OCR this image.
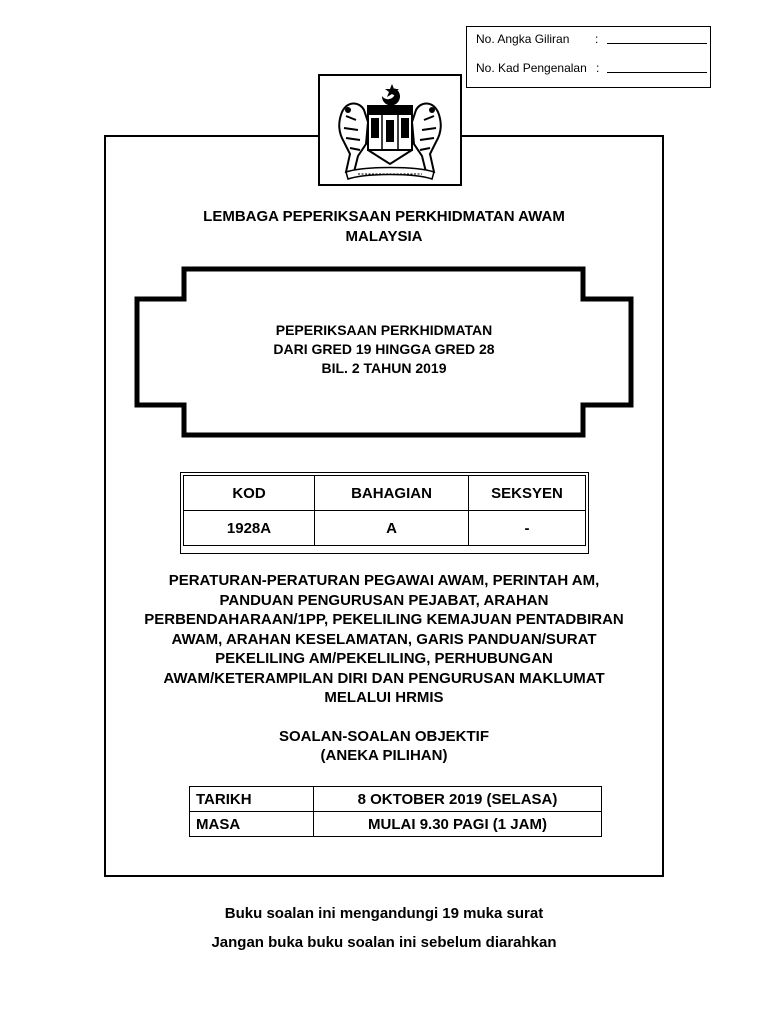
No. Angka Giliran :
No. Kad Pengenalan :
LEMBAGA PEPERIKSAAN PERKHIDMATAN AWAM
MALAYSIA
PEPERIKSAAN PERKHIDMATAN
DARI GRED 19 HINGGA GRED 28
BIL. 2 TAHUN 2019
KOD	BAHAGIAN	SEKSYEN
1928A	A	-
PERATURAN-PERATURAN PEGAWAI AWAM, PERINTAH AM,
PANDUAN PENGURUSAN PEJABAT, ARAHAN
PERBENDAHARAAN/1PP, PEKELILING KEMAJUAN PENTADBIRAN
AWAM, ARAHAN KESELAMATAN, GARIS PANDUAN/SURAT
PEKELILING AM/PEKELILING, PERHUBUNGAN
AWAM/KETERAMPILAN DIRI DAN PENGURUSAN MAKLUMAT
MELALUI HRMIS
SOALAN-SOALAN OBJEKTIF
(ANEKA PILIHAN)
TARIKH	8 OKTOBER 2019 (SELASA)
MASA	MULAI 9.30 PAGI (1 JAM)
Buku soalan ini mengandungi 19 muka surat
Jangan buka buku soalan ini sebelum diarahkan
